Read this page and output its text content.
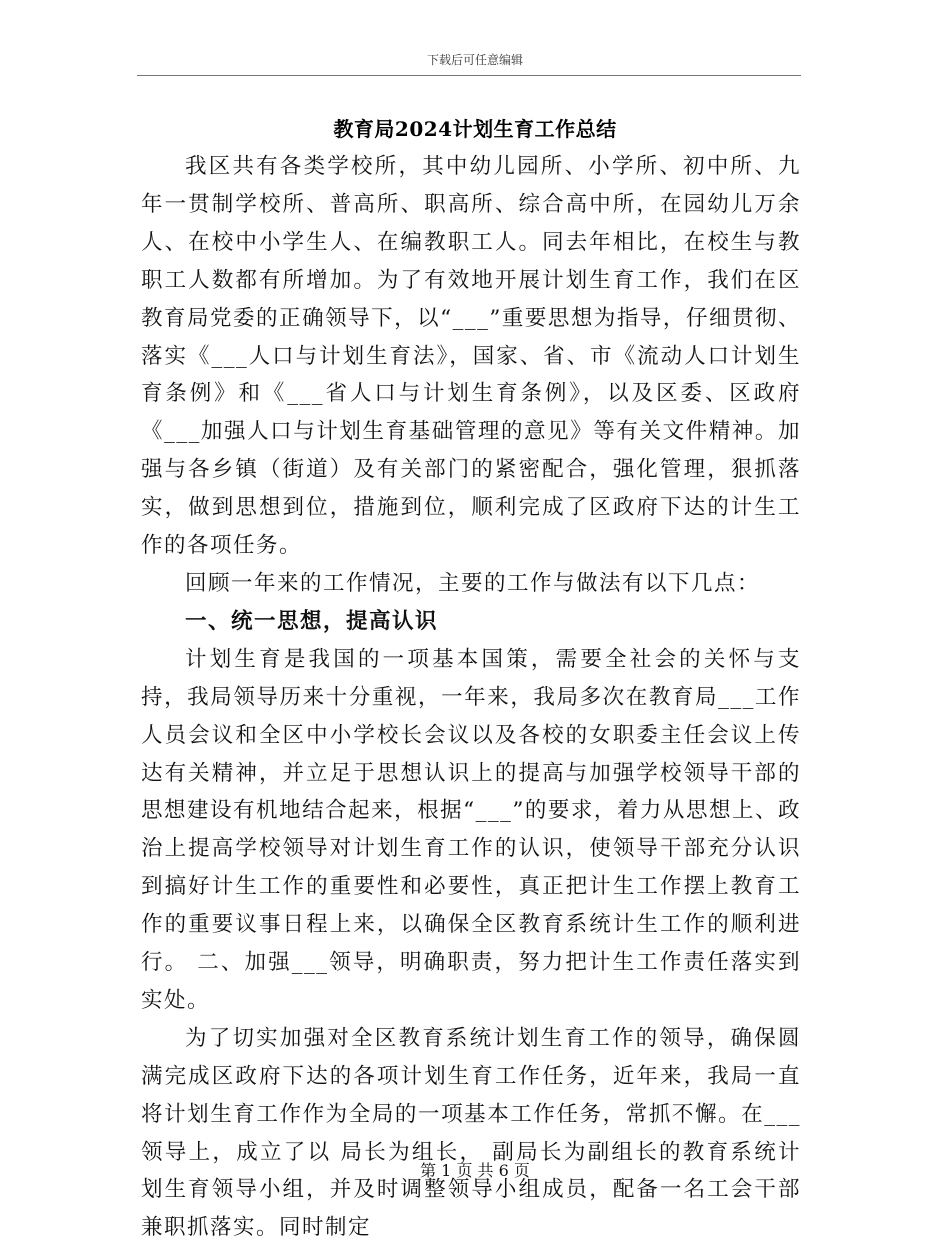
下载后可任意编辑
教育局2024计划生育工作总结

我区共有各类学校所，其中幼儿园所、小学所、初中所、九年一贯制学校所、普高所、职高所、综合高中所，在园幼儿万余人、在校中小学生人、在编教职工人。同去年相比，在校生与教职工人数都有所增加。为了有效地开展计划生育工作，我们在区教育局党委的正确领导下，以“___”重要思想为指导，仔细贯彻、落实《___人口与计划生育法》，国家、省、市《流动人口计划生育条例》和《___省人口与计划生育条例》，以及区委、区政府《___加强人口与计划生育基础管理的意见》等有关文件精神。加强与各乡镇（街道）及有关部门的紧密配合，强化管理，狠抓落实，做到思想到位，措施到位，顺利完成了区政府下达的计生工作的各项任务。

回顾一年来的工作情况，主要的工作与做法有以下几点：

一、统一思想，提高认识

计划生育是我国的一项基本国策，需要全社会的关怀与支持，我局领导历来十分重视，一年来，我局多次在教育局___工作人员会议和全区中小学校长会议以及各校的女职委主任会议上传达有关精神，并立足于思想认识上的提高与加强学校领导干部的思想建设有机地结合起来，根据“___”的要求，着力从思想上、政治上提高学校领导对计划生育工作的认识，使领导干部充分认识到搞好计生工作的重要性和必要性，真正把计生工作摆上教育工作的重要议事日程上来，以确保全区教育系统计生工作的顺利进行。 二、加强___领导，明确职责，努力把计生工作责任落实到实处。

为了切实加强对全区教育系统计划生育工作的领导，确保圆满完成区政府下达的各项计划生育工作任务，近年来，我局一直将计划生育工作作为全局的一项基本工作任务，常抓不懈。在___领导上，成立了以 局长为组长， 副局长为副组长的教育系统计划生育领导小组，并及时调整领导小组成员，配备一名工会干部兼职抓落实。同时制定

第 1 页 共 6 页
